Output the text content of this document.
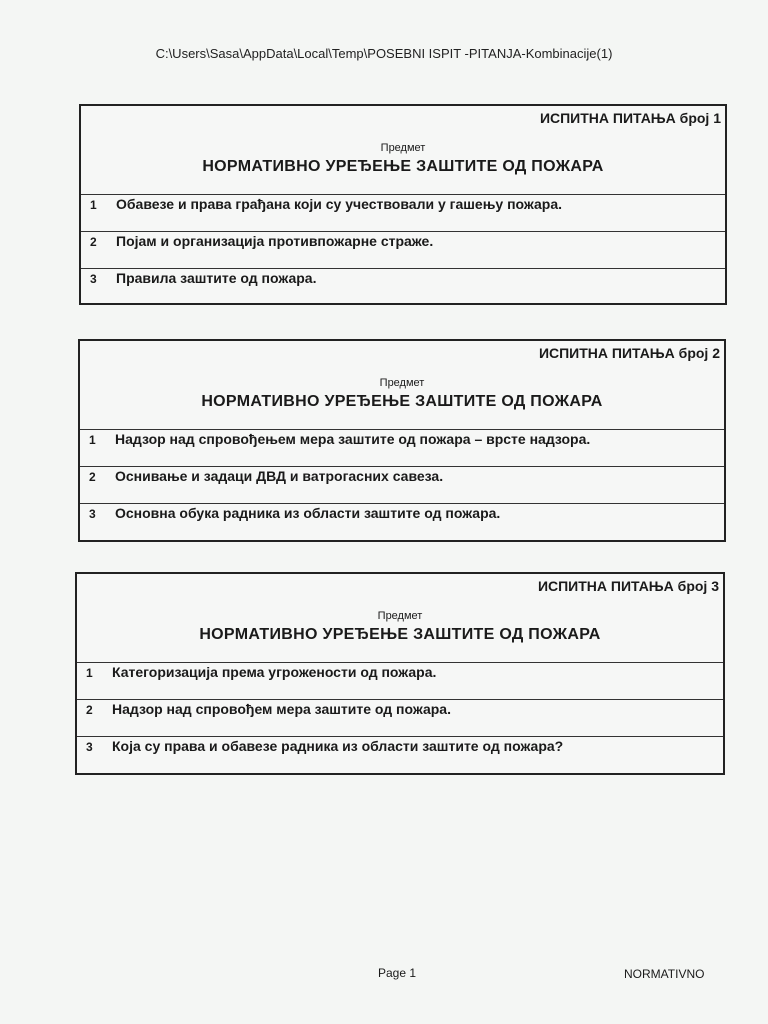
C:\Users\Sasa\AppData\Local\Temp\POSEBNI ISPIT -PITANJA-Kombinacije(1)
ИСПИТНА ПИТАЊА број 1
Предмет
НОРМАТИВНО УРЕЂЕЊЕ ЗАШТИТЕ ОД ПОЖАРА
1 Обавезе и права грађана који су учествовали у гашењу пожара.
2 Појам и организација противпожарне страже.
3 Правила заштите од пожара.
ИСПИТНА ПИТАЊА број 2
Предмет
НОРМАТИВНО УРЕЂЕЊЕ ЗАШТИТЕ ОД ПОЖАРА
1 Надзор над спровођењем мера заштите од пожара – врсте надзора.
2 Оснивање и задаци ДВД и ватрогасних савеза.
3 Основна обука радника из области заштите од пожара.
ИСПИТНА ПИТАЊА број 3
Предмет
НОРМАТИВНО УРЕЂЕЊЕ ЗАШТИТЕ ОД ПОЖАРА
1 Категоризација према угрожености од пожара.
2 Надзор над спровођем мера заштите од пожара.
3 Која су права и обавезе радника из области заштите од пожара?
Page 1	NORMATIVNO
